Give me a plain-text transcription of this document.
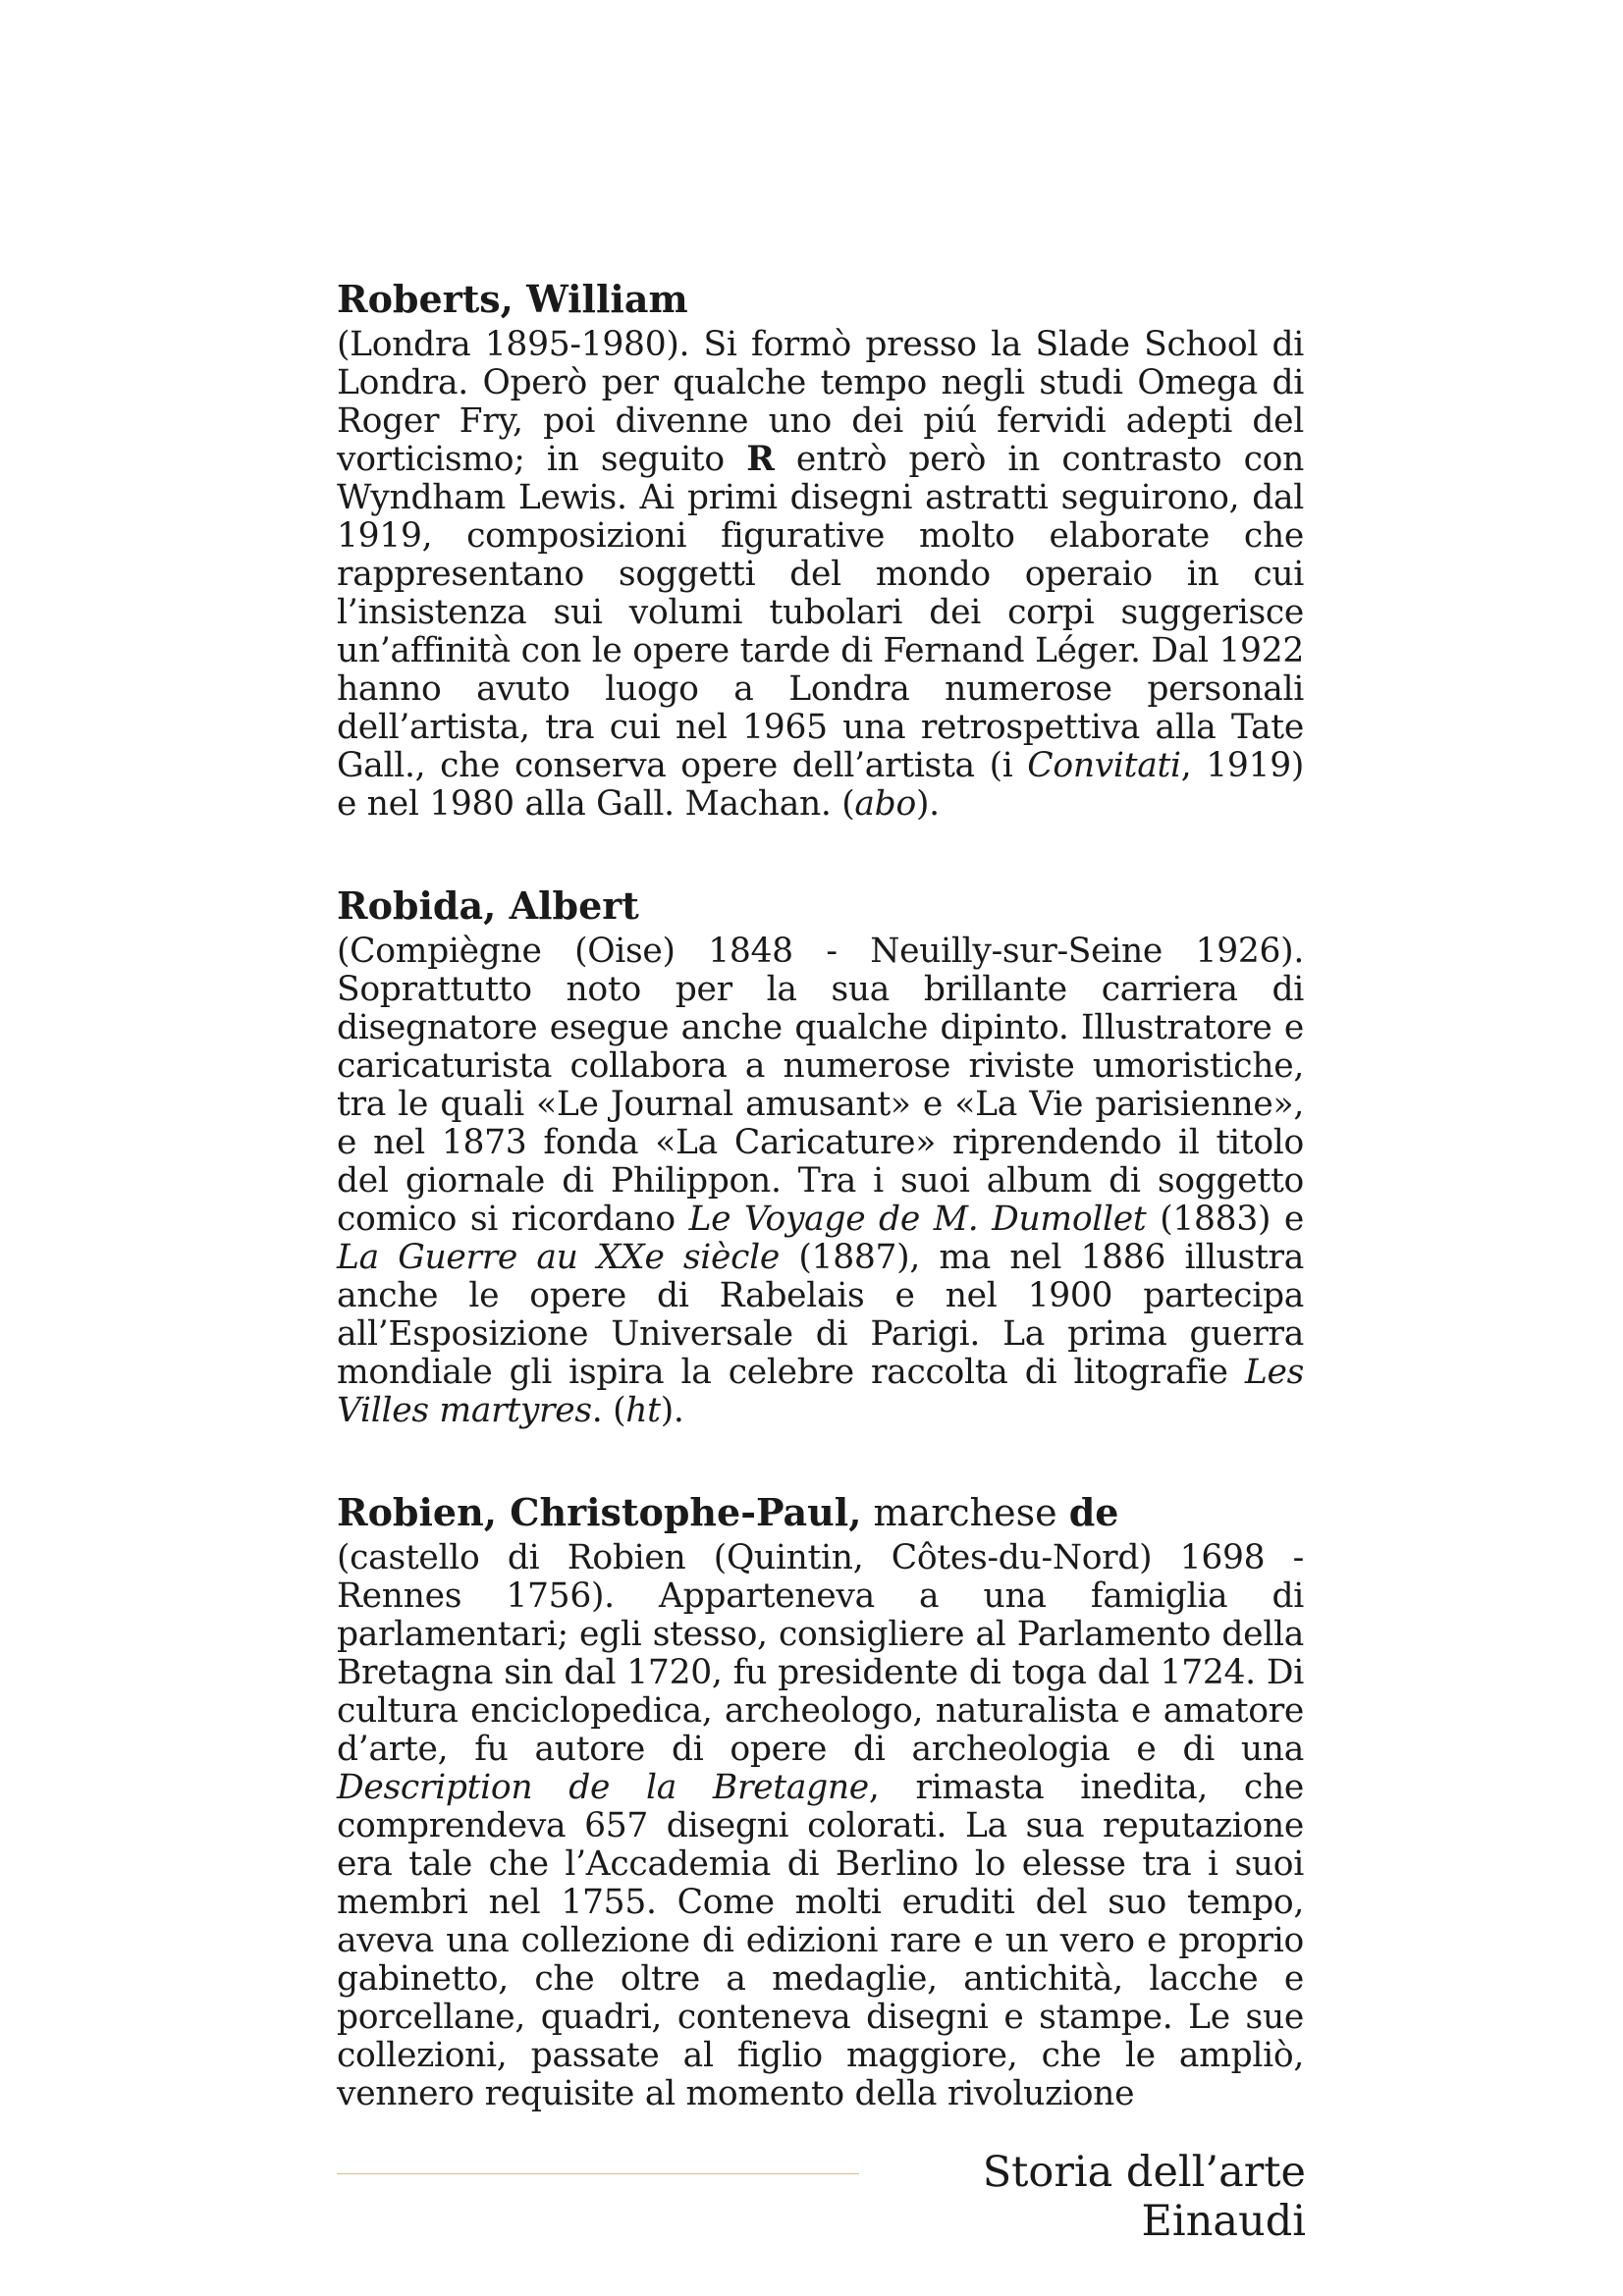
Roberts, William

(Londra 1895-1980). Si formò presso la Slade School di Londra. Operò per qualche tempo negli studi Omega di Roger Fry, poi divenne uno dei piú fervidi adepti del vorticismo; in seguito R entrò però in contrasto con Wyndham Lewis. Ai primi disegni astratti seguirono, dal 1919, composizioni figurative molto elaborate che rappresentano soggetti del mondo operaio in cui l’insistenza sui volumi tubolari dei corpi suggerisce un’affinità con le opere tarde di Fernand Léger. Dal 1922 hanno avuto luogo a Londra numerose personali dell’artista, tra cui nel 1965 una retrospettiva alla Tate Gall., che conserva opere dell’artista (i Convitati, 1919) e nel 1980 alla Gall. Machan. (abo).

Robida, Albert

(Compiègne (Oise) 1848 - Neuilly-sur-Seine 1926). Soprattutto noto per la sua brillante carriera di disegnatore esegue anche qualche dipinto. Illustratore e caricaturista collabora a numerose riviste umoristiche, tra le quali «Le Journal amusant» e «La Vie parisienne», e nel 1873 fonda «La Caricature» riprendendo il titolo del giornale di Philippon. Tra i suoi album di soggetto comico si ricordano Le Voyage de M. Dumollet (1883) e La Guerre au XXe siècle (1887), ma nel 1886 illustra anche le opere di Rabelais e nel 1900 partecipa all’Esposizione Universale di Parigi. La prima guerra mondiale gli ispira la celebre raccolta di litografie Les Villes martyres. (ht).

Robien, Christophe-Paul, marchese de

(castello di Robien (Quintin, Côtes-du-Nord) 1698 - Rennes 1756). Apparteneva a una famiglia di parlamentari; egli stesso, consigliere al Parlamento della Bretagna sin dal 1720, fu presidente di toga dal 1724. Di cultura enciclopedica, archeologo, naturalista e amatore d’arte, fu autore di opere di archeologia e di una Description de la Bretagne, rimasta inedita, che comprendeva 657 disegni colorati. La sua reputazione era tale che l’Accademia di Berlino lo elesse tra i suoi membri nel 1755. Come molti eruditi del suo tempo, aveva una collezione di edizioni rare e un vero e proprio gabinetto, che oltre a medaglie, antichità, lacche e porcellane, quadri, conteneva disegni e stampe. Le sue collezioni, passate al figlio maggiore, che le ampliò, vennero requisite al momento della rivoluzione

Storia dell’arte Einaudi
